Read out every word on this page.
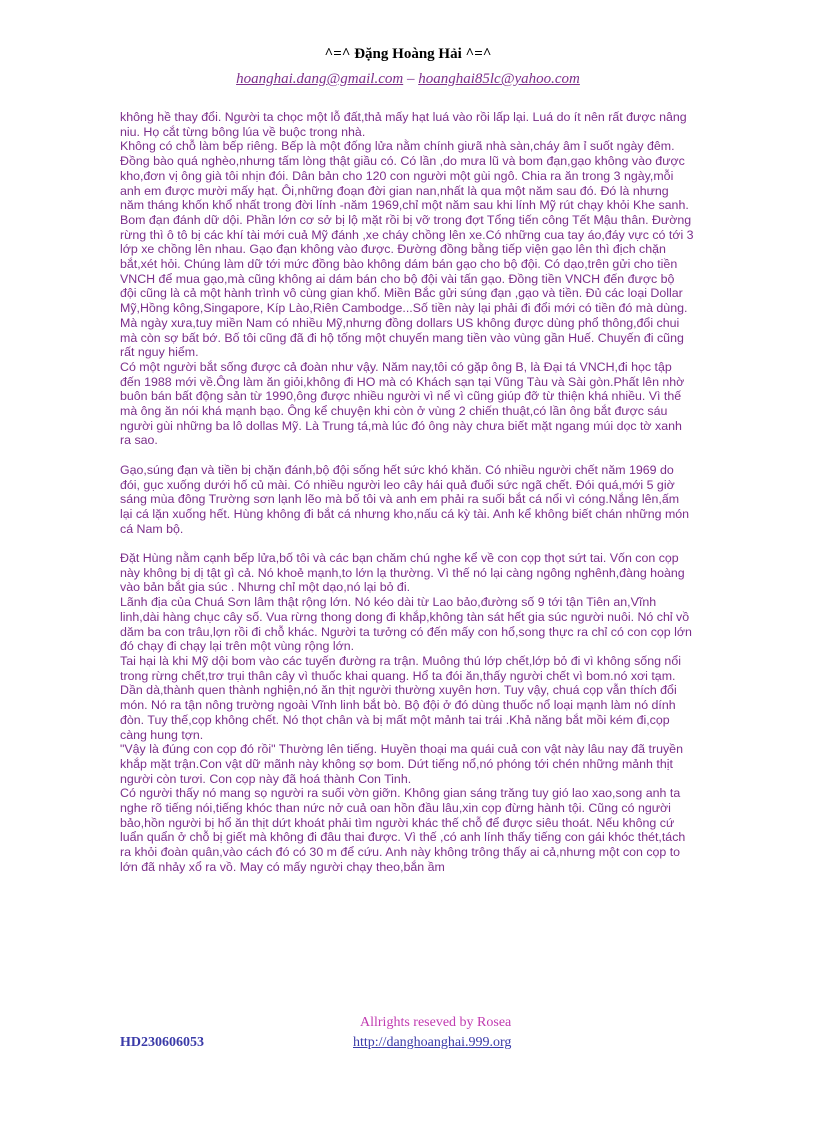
^=^ Đặng Hoàng Hải ^=^
hoanghai.dang@gmail.com – hoanghai85lc@yahoo.com

không hề thay đổi. Người ta chọc một lỗ đất,thả mấy hạt luá vào rồi lấp lại. Luá do ít nên rất được nâng niu. Họ cắt từng bông lúa về buộc trong nhà.

Không có chỗ làm bếp riêng. Bếp là một đống lửa nằm chính giưã nhà sàn,cháy âm ỉ suốt ngày đêm.

Đồng bào quá nghèo,nhưng tấm lòng thật giầu có. Có lần ,do mưa lũ và bom đạn,gạo không vào được kho,đơn vị ông già tôi nhịn đói. Dân bản cho 120 con người một gùi ngô. Chia ra ăn trong 3 ngày,mỗi anh em được mười mấy hạt. Ôi,những đoạn đời gian nan,nhất là qua một năm sau đó. Đó là nhưng năm tháng khốn khổ nhất trong đời lính -năm 1969,chỉ một năm sau khi lính Mỹ rút chạy khỏi Khe sanh. Bom đạn đánh dữ dội. Phần lớn cơ sở bị lộ mặt rồi bị vỡ trong đợt Tổng tiến công Tết Mậu thân. Đường rừng thì ô tô bị các khí tài mới cuả Mỹ đánh ,xe cháy chồng lên xe.Có những cua tay áo,đáy vực có tới 3 lớp xe chồng lên nhau. Gạo đạn không vào được. Đường đồng bằng tiếp viện gạo lên thì địch chặn bắt,xét hỏi. Chúng làm dữ tới mức đồng bào không dám bán gạo cho bộ đội. Có dạo,trên gửi cho tiền VNCH để mua gạo,mà cũng không ai dám bán cho bộ đội vài tấn gạo. Đồng tiền VNCH đến được bộ đội cũng là cả một hành trình vô cùng gian khổ. Miền Bắc gửi súng đạn ,gạo và tiền. Đủ các loại Dollar Mỹ,Hồng kông,Singapore, Kíp Lào,Riên Cambodge...Số tiền này lại phải đi đổi mới có tiền đó mà dùng. Mà ngày xưa,tuy miền Nam có nhiều Mỹ,nhưng đồng dollars US không được dùng phổ thông,đổi chui mà còn sợ bất bớ. Bố tôi cũng đã đi hộ tống một chuyến mang tiền vào vùng gần Huế. Chuyến đi cũng rất nguy hiểm.

Có một người bắt sống được cả đoàn như vậy. Năm nay,tôi có gặp ông B, là Đại tá VNCH,đi học tập đến 1988 mới về.Ông làm ăn giỏi,không đi HO mà có Khách sạn tại Vũng Tàu và Sài gòn.Phất lên nhờ buôn bán bất động sản từ 1990,ông được nhiều người vì nể vì cũng giúp đỡ từ thiện khá nhiều. Vì thế mà ông ăn nói khá mạnh bạo. Ông kể chuyện khi còn ở vùng 2 chiến thuật,có lần ông bắt được sáu người gùi những ba lô dollas Mỹ. Là Trung tá,mà lúc đó ông này chưa biết mặt ngang múi dọc tờ xanh ra sao.

Gạo,súng đạn và tiền bị chặn đánh,bộ đội sống hết sức khó khăn. Có nhiều người chết năm 1969 do đói, gục xuống dưới hố củ mài. Có nhiều người leo cây hái quả đuối sức ngã chết. Đói quá,mới 5 giờ sáng mùa đông Trường sơn lạnh lẽo mà bố tôi và anh em phải ra suối bắt cá nổi vì cóng.Nắng lên,ấm lại cá lặn xuống hết. Hùng không đi bắt cá nhưng kho,nấu cá kỳ tài. Anh kể không biết chán những món cá Nam bộ.

Đặt Hùng nằm cạnh bếp lửa,bố tôi và các bạn chăm chú nghe kể về con cọp thọt sứt tai. Vốn con cọp này không bị dị tật gì cả. Nó khoẻ mạnh,to lớn lạ thường. Vì thế nó lại càng ngông nghênh,đàng hoàng vào bản bắt gia súc . Nhưng chỉ một dạo,nó lại bỏ đi.

Lãnh địa của Chuá Sơn lâm thật rộng lớn. Nó kéo dài từ Lao bảo,đường số 9 tới tận Tiên an,Vĩnh linh,dài hàng chục cây số. Vua rừng thong dong đi khắp,không tàn sát hết gia súc người nuôi. Nó chỉ vồ dăm ba con trâu,lợn rồi đi chỗ khác. Người ta tưởng có đến mấy con hổ,song thực ra chỉ có con cọp lớn đó chạy đi chạy lại trên một vùng rộng lớn.

Tai hại là khi Mỹ dội bom vào các tuyến đường ra trận. Muông thú lớp chết,lớp bỏ đi vì không sống nổi trong rừng chết,trơ trụi thân cây vì thuốc khai quang. Hổ ta đói ăn,thấy người chết vì bom.nó xơi tạm. Dần dà,thành quen thành nghiện,nó ăn thịt người thường xuyên hơn. Tuy vậy, chuá cọp vẫn thích đổi món. Nó ra tận nông trường ngoài Vĩnh linh bắt bò. Bộ đội ở đó dùng thuốc nổ loại mạnh làm nó dính đòn. Tuy thế,cọp không chết. Nó thọt chân và bị mất một mảnh tai trái .Khả năng bắt mồi kém đi,cọp càng hung tợn.

"Vậy là đúng con cọp đó rồi" Thường lên tiếng. Huyền thoại ma quái cuả con vật này lâu nay đã truyền khắp mặt trận.Con vật dữ mãnh này không sợ bom. Dứt tiếng nổ,nó phóng tới chén những mảnh thịt người còn tươi. Con cọp này đã hoá thành Con Tinh.

Có người thấy nó mang sọ người ra suối vờn giỡn. Không gian sáng trăng tuy gió lao xao,song anh ta nghe rõ tiếng nói,tiếng khóc than nức nở cuả oan hồn đầu lâu,xin cọp đừng hành tội. Cũng có người bảo,hồn người bị hổ ăn thịt dứt khoát phải tìm người khác thế chỗ để được siêu thoát. Nếu không cứ luẩn quẩn ở chỗ bị giết mà không đi đâu thai được. Vì thế ,có anh lính thấy tiếng con gái khóc thét,tách ra khỏi đoàn quân,vào cách đó có 30 m để cứu. Anh này không trông thấy ai cả,nhưng một con cọp to lớn đã nhảy xổ ra vồ. May có mấy người chạy theo,bắn ầm

Allrights reseved by Rosea
HD230606053	http://danghoanghai.999.org
